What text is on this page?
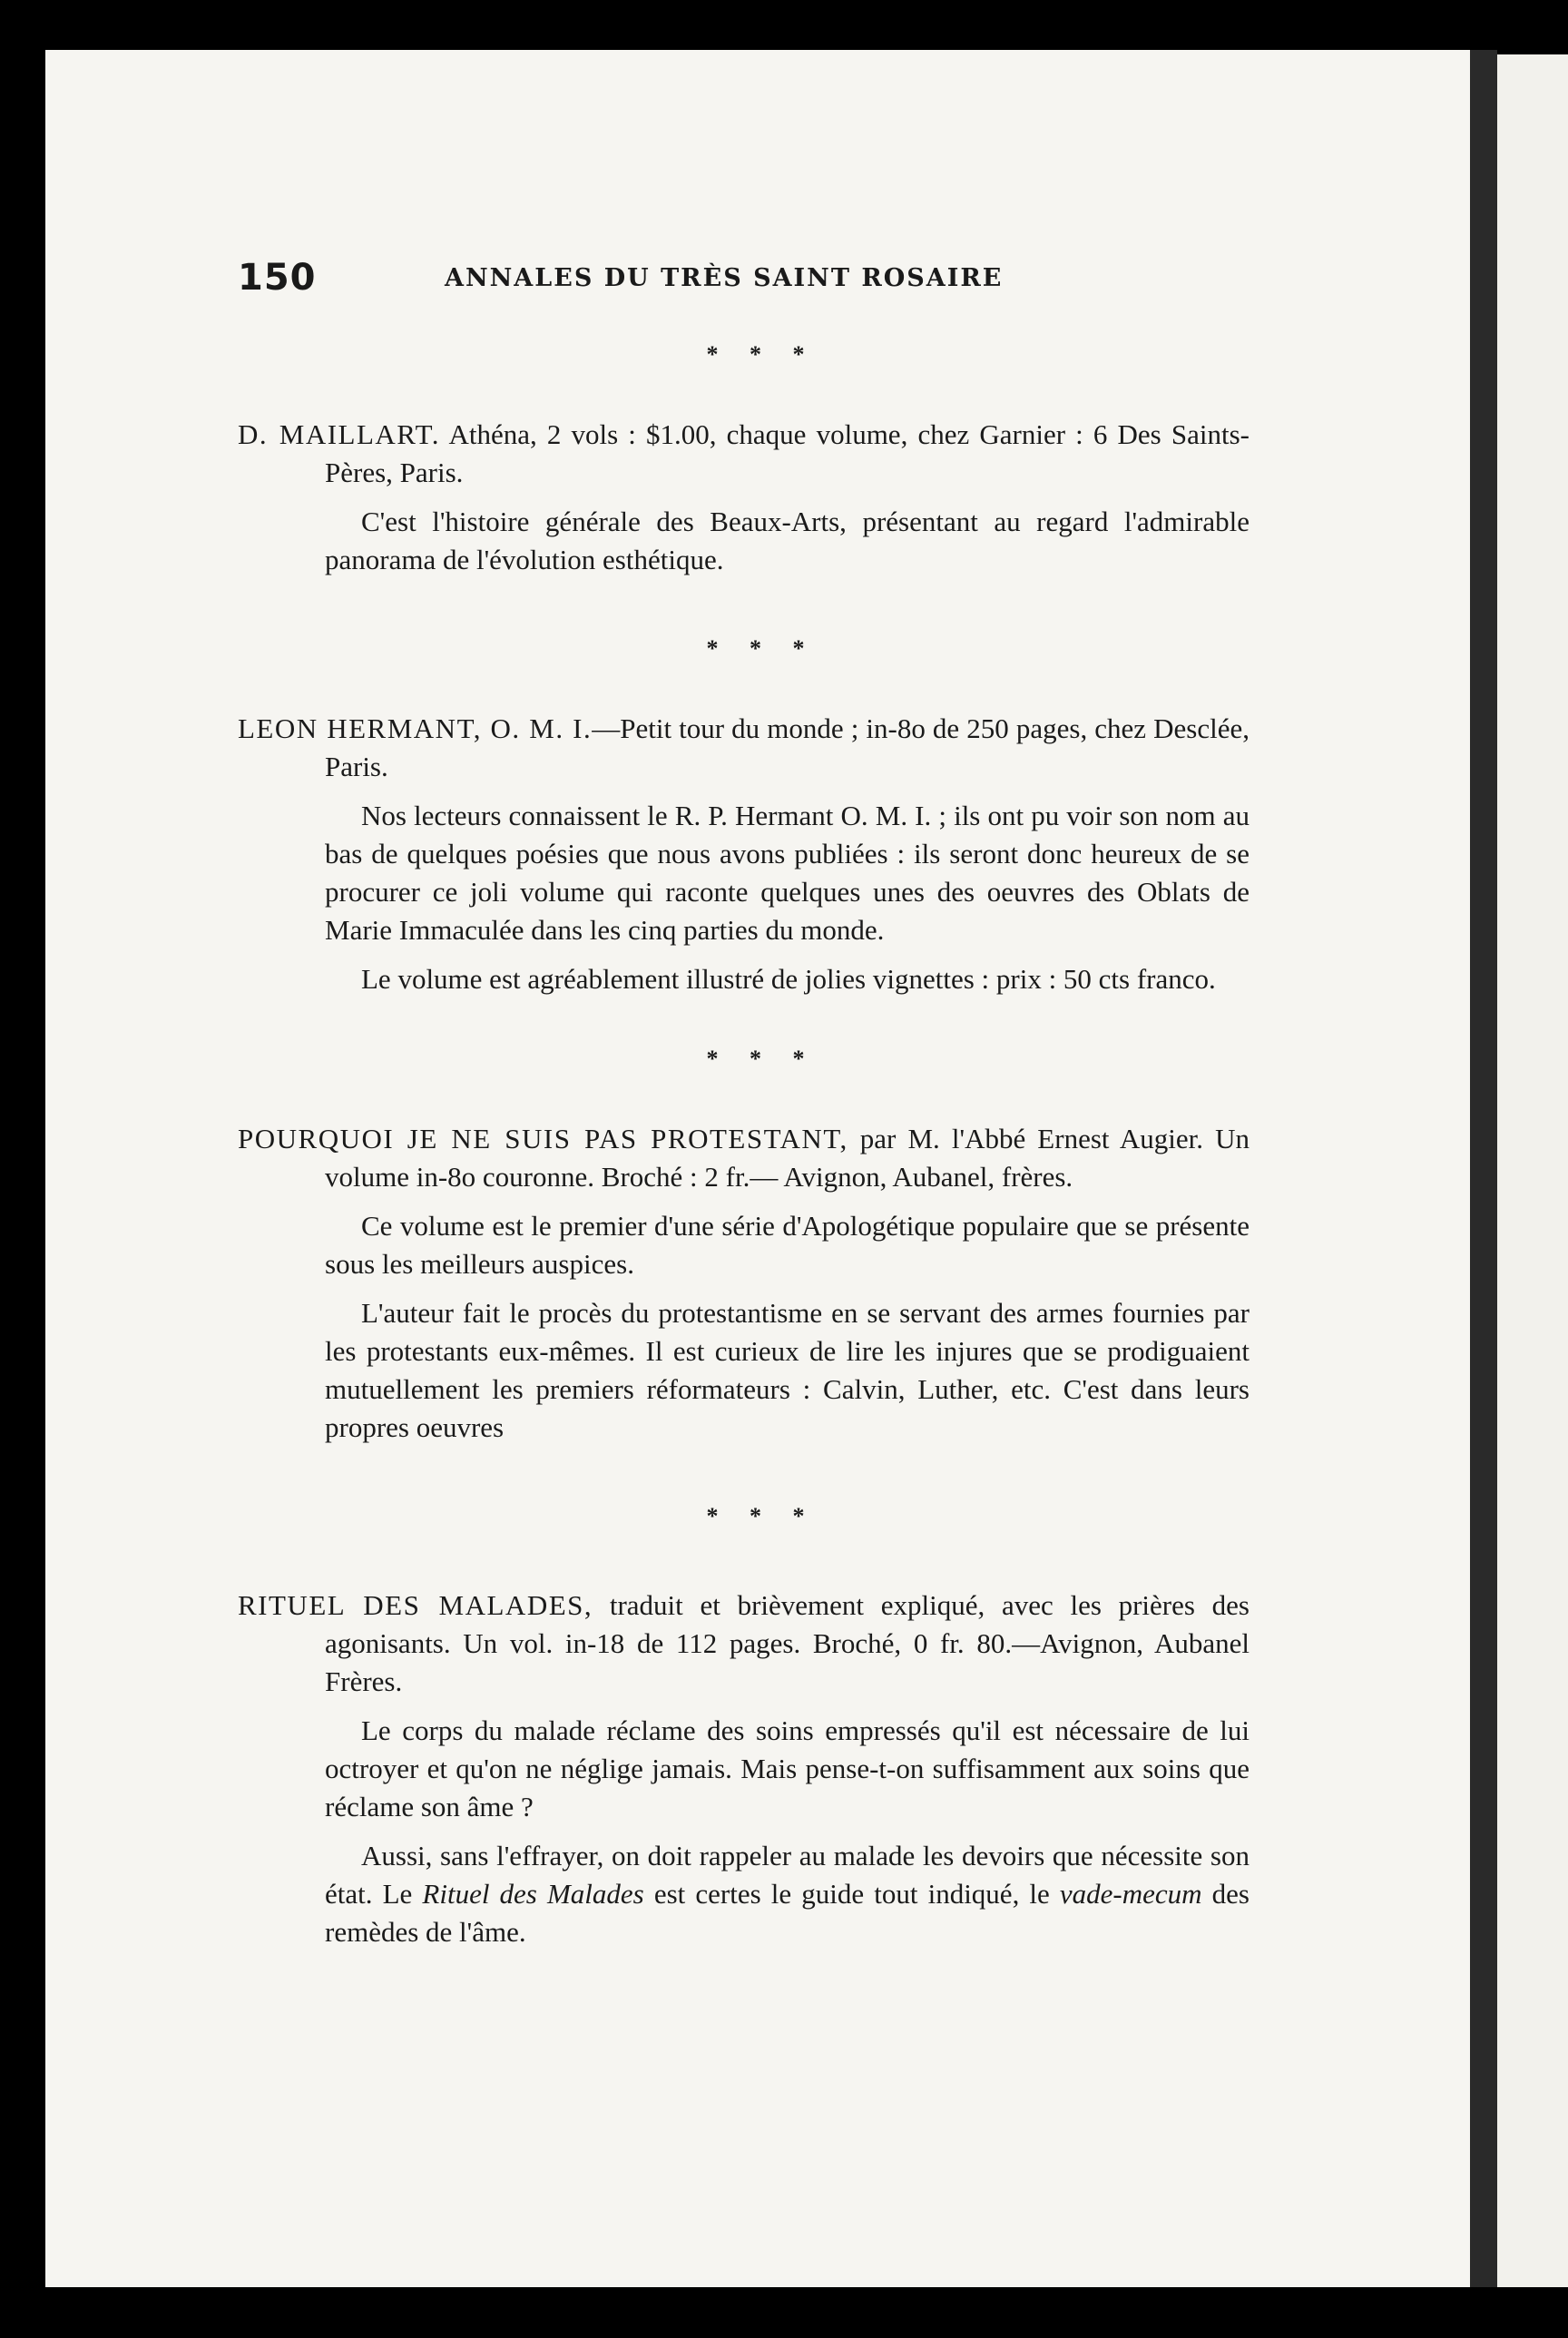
150	ANNALES DU TRÈS SAINT ROSAIRE
* * *

D. MAILLART. Athéna, 2 vols : $1.00, chaque volume, chez Garnier : 6 Des Saints-Pères, Paris.

C'est l'histoire générale des Beaux-Arts, présentant au regard l'admirable panorama de l'évolution esthétique.

* * *

LEON HERMANT, O. M. I.—Petit tour du monde ; in-8o de 250 pages, chez Desclée, Paris.

Nos lecteurs connaissent le R. P. Hermant O. M. I. ; ils ont pu voir son nom au bas de quelques poésies que nous avons publiées : ils seront donc heureux de se procurer ce joli volume qui raconte quelques unes des oeuvres des Oblats de Marie Immaculée dans les cinq parties du monde.

Le volume est agréablement illustré de jolies vignettes : prix : 50 cts franco.

* * *

POURQUOI JE NE SUIS PAS PROTESTANT, par M. l'Abbé Ernest Augier. Un volume in-8o couronne. Broché : 2 fr.— Avignon, Aubanel, frères.

Ce volume est le premier d'une série d'Apologétique populaire que se présente sous les meilleurs auspices.

L'auteur fait le procès du protestantisme en se servant des armes fournies par les protestants eux-mêmes. Il est curieux de lire les injures que se prodiguaient mutuellement les premiers réformateurs : Calvin, Luther, etc. C'est dans leurs propres oeuvres

* * *

RITUEL DES MALADES, traduit et brièvement expliqué, avec les prières des agonisants. Un vol. in-18 de 112 pages. Broché, 0 fr. 80.—Avignon, Aubanel Frères.

Le corps du malade réclame des soins empressés qu'il est nécessaire de lui octroyer et qu'on ne néglige jamais. Mais pense-t-on suffisamment aux soins que réclame son âme ?

Aussi, sans l'effrayer, on doit rappeler au malade les devoirs que nécessite son état. Le Rituel des Malades est certes le guide tout indiqué, le vade-mecum des remèdes de l'âme.
